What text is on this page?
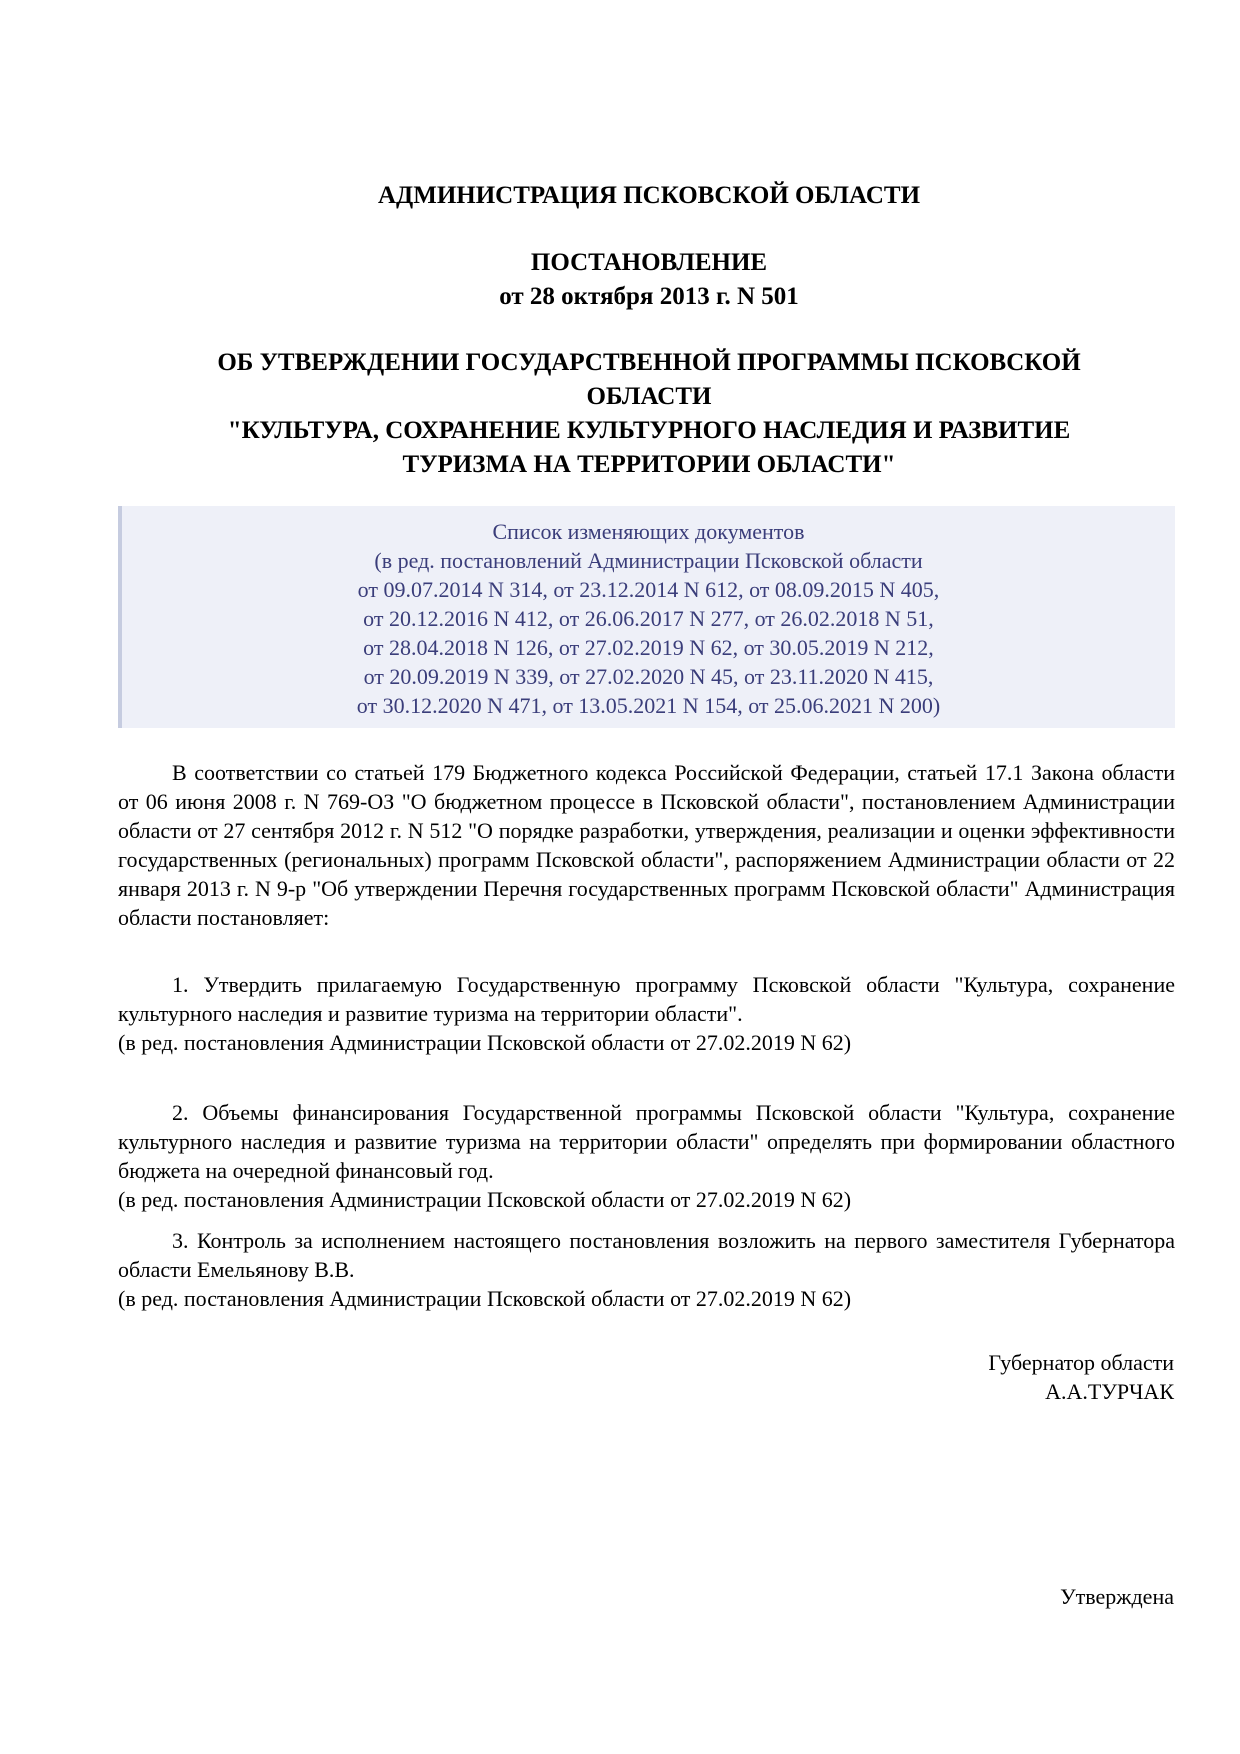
АДМИНИСТРАЦИЯ ПСКОВСКОЙ ОБЛАСТИ
ПОСТАНОВЛЕНИЕ
от 28 октября 2013 г. N 501
ОБ УТВЕРЖДЕНИИ ГОСУДАРСТВЕННОЙ ПРОГРАММЫ ПСКОВСКОЙ
ОБЛАСТИ
"КУЛЬТУРА, СОХРАНЕНИЕ КУЛЬТУРНОГО НАСЛЕДИЯ И РАЗВИТИЕ
ТУРИЗМА НА ТЕРРИТОРИИ ОБЛАСТИ"
Список изменяющих документов
(в ред. постановлений Администрации Псковской области
от 09.07.2014 N 314, от 23.12.2014 N 612, от 08.09.2015 N 405,
от 20.12.2016 N 412, от 26.06.2017 N 277, от 26.02.2018 N 51,
от 28.04.2018 N 126, от 27.02.2019 N 62, от 30.05.2019 N 212,
от 20.09.2019 N 339, от 27.02.2020 N 45, от 23.11.2020 N 415,
от 30.12.2020 N 471, от 13.05.2021 N 154, от 25.06.2021 N 200)

В соответствии со статьей 179 Бюджетного кодекса Российской Федерации, статьей 17.1 Закона области от 06 июня 2008 г. N 769-ОЗ "О бюджетном процессе в Псковской области", постановлением Администрации области от 27 сентября 2012 г. N 512 "О порядке разработки, утверждения, реализации и оценки эффективности государственных (региональных) программ Псковской области", распоряжением Администрации области от 22 января 2013 г. N 9-р "Об утверждении Перечня государственных программ Псковской области" Администрация области постановляет:

1. Утвердить прилагаемую Государственную программу Псковской области "Культура, сохранение культурного наследия и развитие туризма на территории области".

(в ред. постановления Администрации Псковской области от 27.02.2019 N 62)

2. Объемы финансирования Государственной программы Псковской области "Культура, сохранение культурного наследия и развитие туризма на территории области" определять при формировании областного бюджета на очередной финансовый год.

(в ред. постановления Администрации Псковской области от 27.02.2019 N 62)

3. Контроль за исполнением настоящего постановления возложить на первого заместителя Губернатора области Емельянову В.В.

(в ред. постановления Администрации Псковской области от 27.02.2019 N 62)

Губернатор области
А.А.ТУРЧАК
Утверждена
